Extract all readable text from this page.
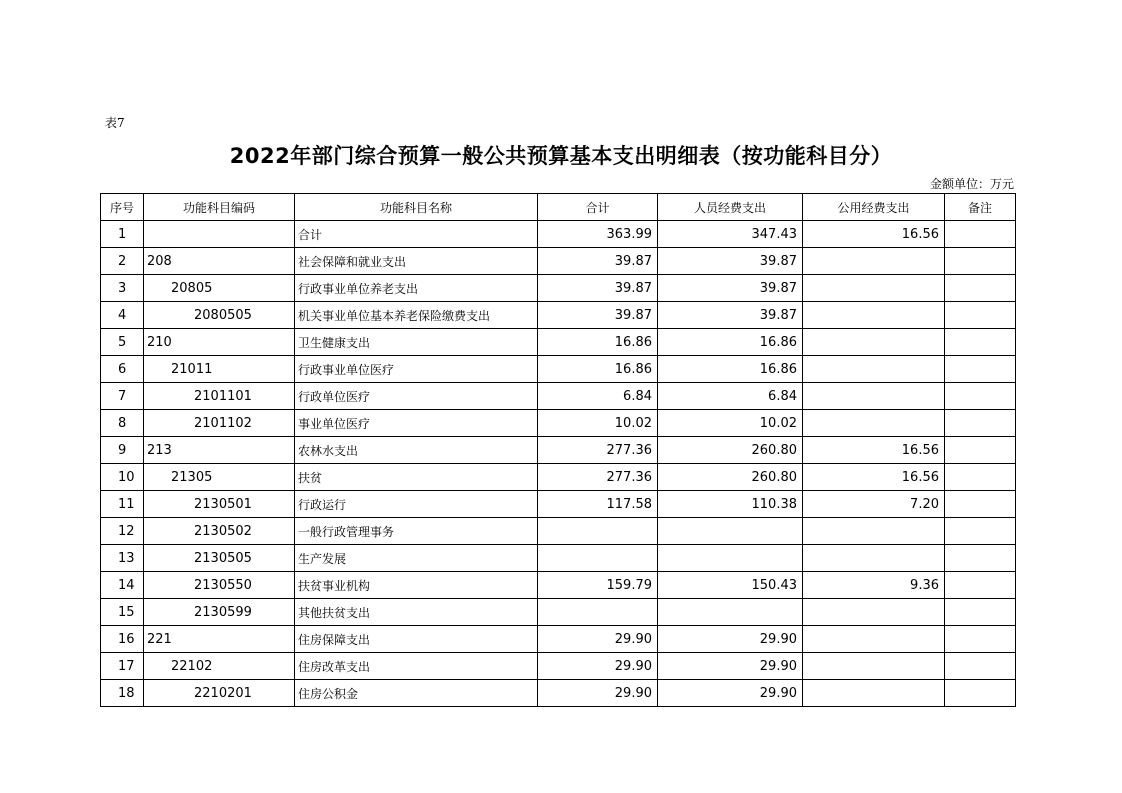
表7
2022年部门综合预算一般公共预算基本支出明细表（按功能科目分）
金额单位：万元
序号	功能科目编码	功能科目名称	合计	人员经费支出	公用经费支出	备注
1		合计	363.99	347.43	16.56	
2	208	社会保障和就业支出	39.87	39.87		
3	20805	行政事业单位养老支出	39.87	39.87		
4	2080505	机关事业单位基本养老保险缴费支出	39.87	39.87		
5	210	卫生健康支出	16.86	16.86		
6	21011	行政事业单位医疗	16.86	16.86		
7	2101101	行政单位医疗	6.84	6.84		
8	2101102	事业单位医疗	10.02	10.02		
9	213	农林水支出	277.36	260.80	16.56	
10	21305	扶贫	277.36	260.80	16.56	
11	2130501	行政运行	117.58	110.38	7.20	
12	2130502	一般行政管理事务				
13	2130505	生产发展				
14	2130550	扶贫事业机构	159.79	150.43	9.36	
15	2130599	其他扶贫支出				
16	221	住房保障支出	29.90	29.90		
17	22102	住房改革支出	29.90	29.90		
18	2210201	住房公积金	29.90	29.90		
